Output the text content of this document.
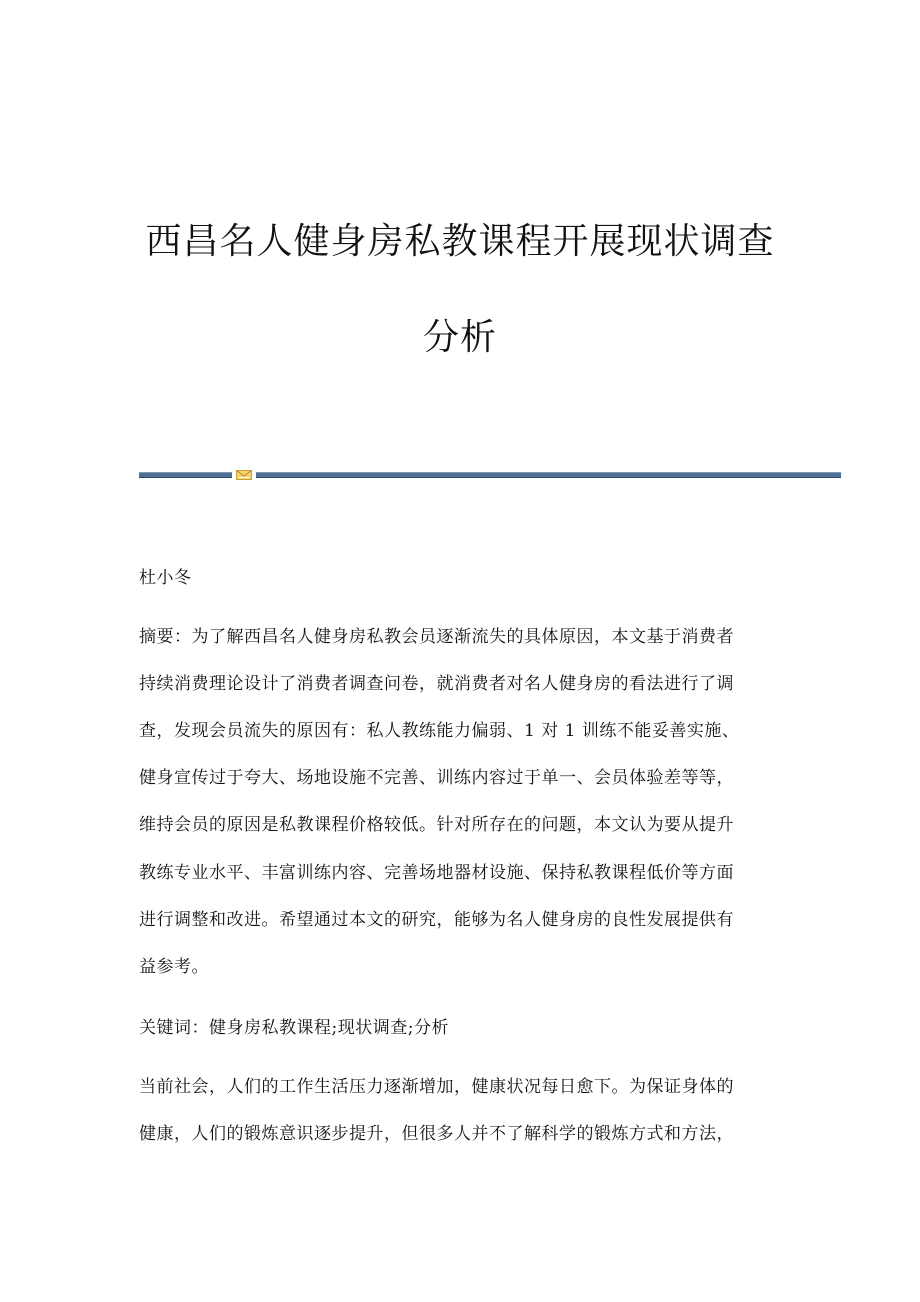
西昌名人健身房私教课程开展现状调查
分析
杜小冬
摘要：为了解西昌名人健身房私教会员逐渐流失的具体原因，本文基于消费者
持续消费理论设计了消费者调查问卷，就消费者对名人健身房的看法进行了调
查，发现会员流失的原因有：私人教练能力偏弱、1 对 1 训练不能妥善实施、
健身宣传过于夸大、场地设施不完善、训练内容过于单一、会员体验差等等，
维持会员的原因是私教课程价格较低。针对所存在的问题，本文认为要从提升
教练专业水平、丰富训练内容、完善场地器材设施、保持私教课程低价等方面
进行调整和改进。希望通过本文的研究，能够为名人健身房的良性发展提供有
益参考。
关键词：健身房私教课程;现状调查;分析
当前社会，人们的工作生活压力逐渐增加，健康状况每日愈下。为保证身体的
健康，人们的锻炼意识逐步提升，但很多人并不了解科学的锻炼方式和方法，
